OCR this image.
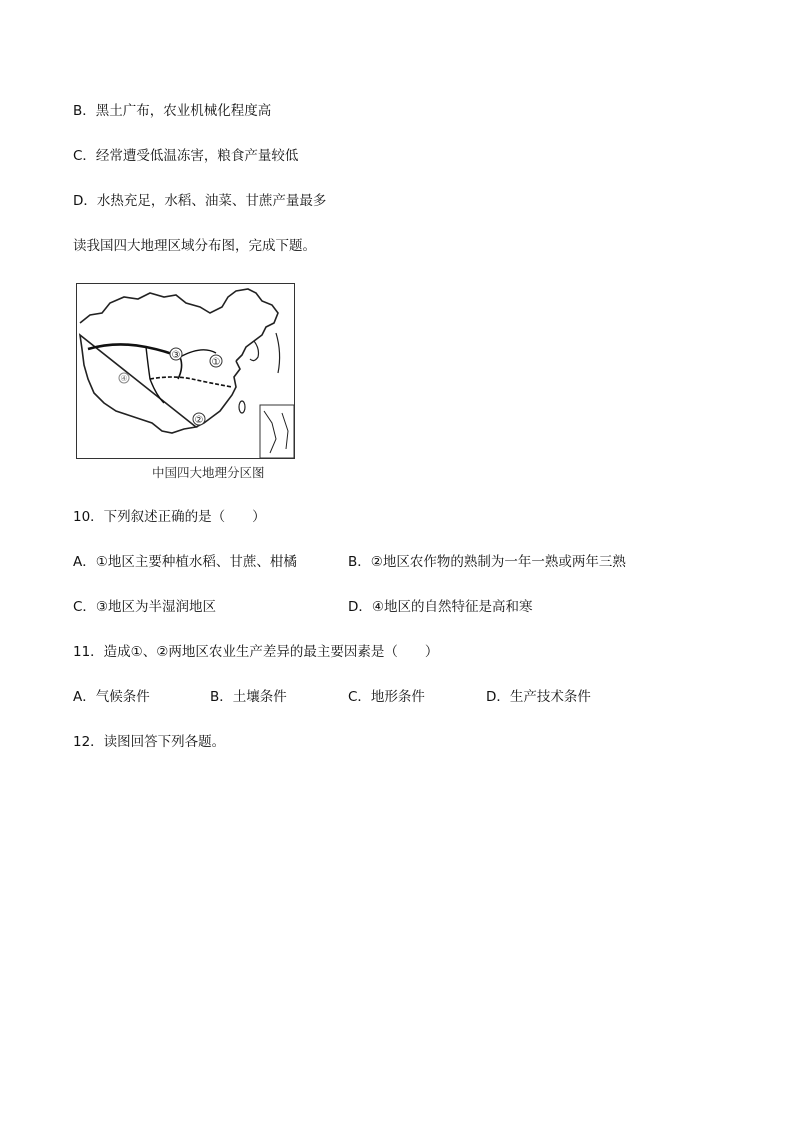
B．黑土广布，农业机械化程度高
C．经常遭受低温冻害，粮食产量较低
D．水热充足，水稻、油菜、甘蔗产量最多
读我国四大地理区域分布图，完成下题。
③
①
②
④
中国四大地理分区图
10．下列叙述正确的是（　　）
A．①地区主要种植水稻、甘蔗、柑橘	B．②地区农作物的熟制为一年一熟或两年三熟
C．③地区为半湿润地区	D．④地区的自然特征是高和寒
11．造成①、②两地区农业生产差异的最主要因素是（　　）
A．气候条件	B．土壤条件	C．地形条件	D．生产技术条件
12．读图回答下列各题。
